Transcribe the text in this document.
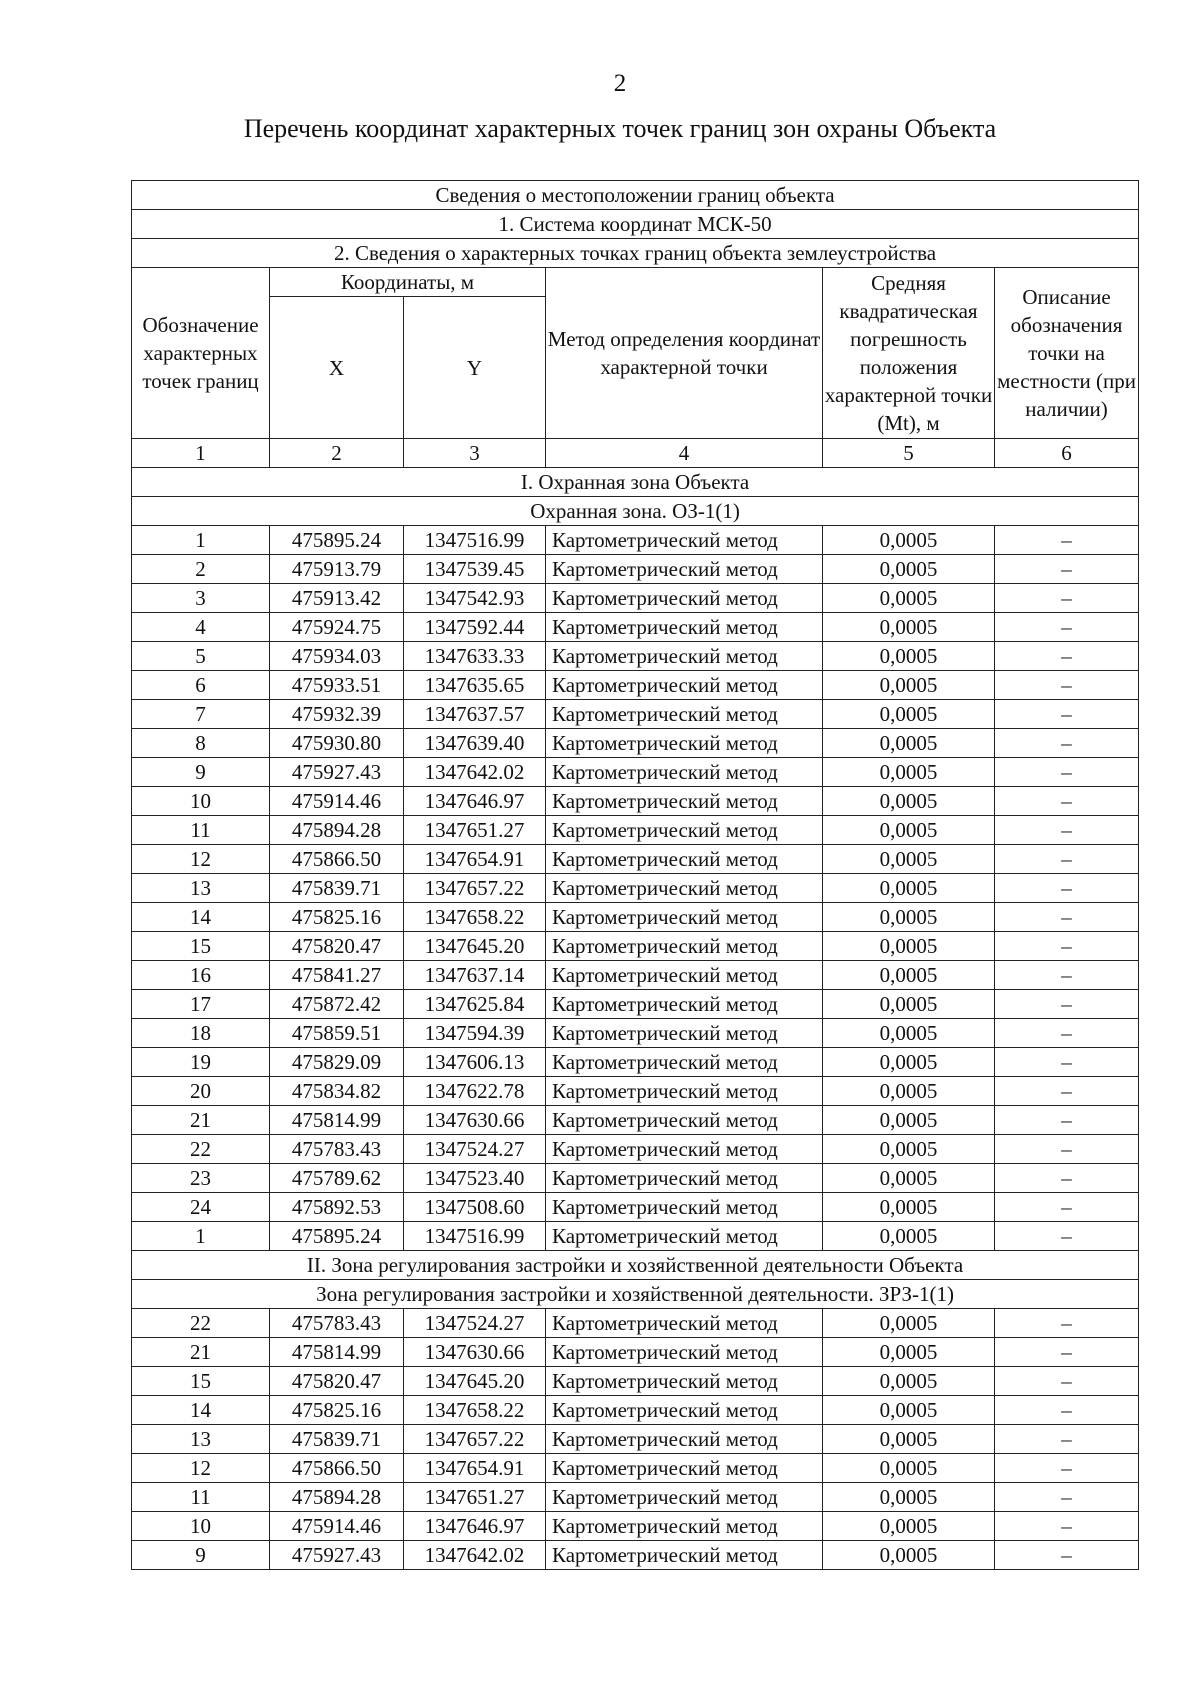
2
Перечень координат характерных точек границ зон охраны Объекта
Сведения о местоположении границ объекта					
1. Система координат МСК-50					
2. Сведения о характерных точках границ объекта землеустройства					
Обозначение характерных точек границ	Координаты, м		Метод определения координат характерной точки	Средняя квадратическая погрешность положения характерной точки (Mt), м	Описание обозначения точки на местности (при наличии)
	X	Y			
1	2	3	4	5	6
I. Охранная зона Объекта					
Охранная зона. ОЗ-1(1)					
1	475895.24	1347516.99	Картометрический метод	0,0005	–
2	475913.79	1347539.45	Картометрический метод	0,0005	–
3	475913.42	1347542.93	Картометрический метод	0,0005	–
4	475924.75	1347592.44	Картометрический метод	0,0005	–
5	475934.03	1347633.33	Картометрический метод	0,0005	–
6	475933.51	1347635.65	Картометрический метод	0,0005	–
7	475932.39	1347637.57	Картометрический метод	0,0005	–
8	475930.80	1347639.40	Картометрический метод	0,0005	–
9	475927.43	1347642.02	Картометрический метод	0,0005	–
10	475914.46	1347646.97	Картометрический метод	0,0005	–
11	475894.28	1347651.27	Картометрический метод	0,0005	–
12	475866.50	1347654.91	Картометрический метод	0,0005	–
13	475839.71	1347657.22	Картометрический метод	0,0005	–
14	475825.16	1347658.22	Картометрический метод	0,0005	–
15	475820.47	1347645.20	Картометрический метод	0,0005	–
16	475841.27	1347637.14	Картометрический метод	0,0005	–
17	475872.42	1347625.84	Картометрический метод	0,0005	–
18	475859.51	1347594.39	Картометрический метод	0,0005	–
19	475829.09	1347606.13	Картометрический метод	0,0005	–
20	475834.82	1347622.78	Картометрический метод	0,0005	–
21	475814.99	1347630.66	Картометрический метод	0,0005	–
22	475783.43	1347524.27	Картометрический метод	0,0005	–
23	475789.62	1347523.40	Картометрический метод	0,0005	–
24	475892.53	1347508.60	Картометрический метод	0,0005	–
1	475895.24	1347516.99	Картометрический метод	0,0005	–
II. Зона регулирования застройки и хозяйственной деятельности Объекта					
Зона регулирования застройки и хозяйственной деятельности. ЗРЗ-1(1)					
22	475783.43	1347524.27	Картометрический метод	0,0005	–
21	475814.99	1347630.66	Картометрический метод	0,0005	–
15	475820.47	1347645.20	Картометрический метод	0,0005	–
14	475825.16	1347658.22	Картометрический метод	0,0005	–
13	475839.71	1347657.22	Картометрический метод	0,0005	–
12	475866.50	1347654.91	Картометрический метод	0,0005	–
11	475894.28	1347651.27	Картометрический метод	0,0005	–
10	475914.46	1347646.97	Картометрический метод	0,0005	–
9	475927.43	1347642.02	Картометрический метод	0,0005	–
